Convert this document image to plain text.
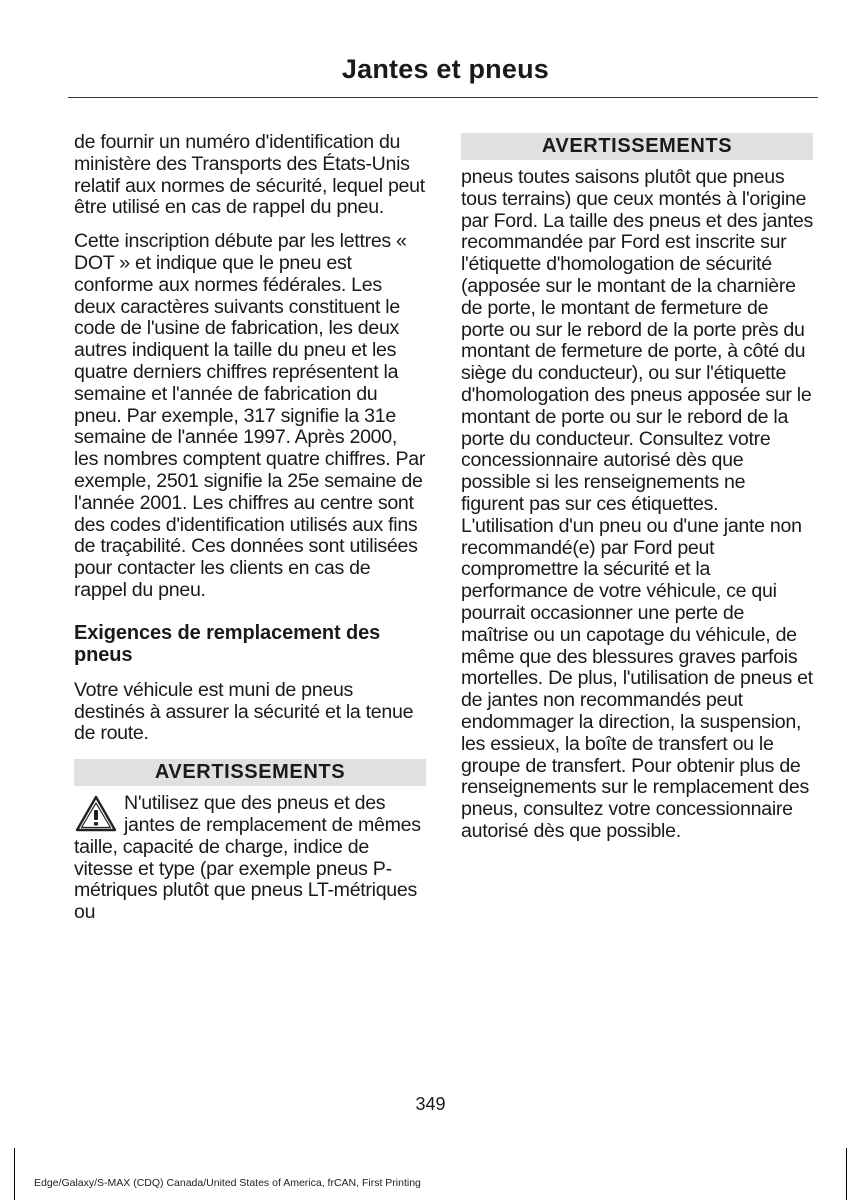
Jantes et pneus

de fournir un numéro d'identification du ministère des Transports des États-Unis relatif aux normes de sécurité, lequel peut être utilisé en cas de rappel du pneu.

Cette inscription débute par les lettres « DOT » et indique que le pneu est conforme aux normes fédérales. Les deux caractères suivants constituent le code de l'usine de fabrication, les deux autres indiquent la taille du pneu et les quatre derniers chiffres représentent la semaine et l'année de fabrication du pneu. Par exemple, 317 signifie la 31e semaine de l'année 1997. Après 2000, les nombres comptent quatre chiffres. Par exemple, 2501 signifie la 25e semaine de l'année 2001. Les chiffres au centre sont des codes d'identification utilisés aux fins de traçabilité. Ces données sont utilisées pour contacter les clients en cas de rappel du pneu.

Exigences de remplacement des pneus

Votre véhicule est muni de pneus destinés à assurer la sécurité et la tenue de route.

AVERTISSEMENTS

N'utilisez que des pneus et des jantes de remplacement de mêmes taille, capacité de charge, indice de vitesse et type (par exemple pneus P-métriques plutôt que pneus LT-métriques ou

AVERTISSEMENTS

pneus toutes saisons plutôt que pneus tous terrains) que ceux montés à l'origine par Ford. La taille des pneus et des jantes recommandée par Ford est inscrite sur l'étiquette d'homologation de sécurité (apposée sur le montant de la charnière de porte, le montant de fermeture de porte ou sur le rebord de la porte près du montant de fermeture de porte, à côté du siège du conducteur), ou sur l'étiquette d'homologation des pneus apposée sur le montant de porte ou sur le rebord de la porte du conducteur. Consultez votre concessionnaire autorisé dès que possible si les renseignements ne figurent pas sur ces étiquettes. L'utilisation d'un pneu ou d'une jante non recommandé(e) par Ford peut compromettre la sécurité et la performance de votre véhicule, ce qui pourrait occasionner une perte de maîtrise ou un capotage du véhicule, de même que des blessures graves parfois mortelles. De plus, l'utilisation de pneus et de jantes non recommandés peut endommager la direction, la suspension, les essieux, la boîte de transfert ou le groupe de transfert. Pour obtenir plus de renseignements sur le remplacement des pneus, consultez votre concessionnaire autorisé dès que possible.

349
Edge/Galaxy/S-MAX (CDQ) Canada/United States of America, frCAN, First Printing
